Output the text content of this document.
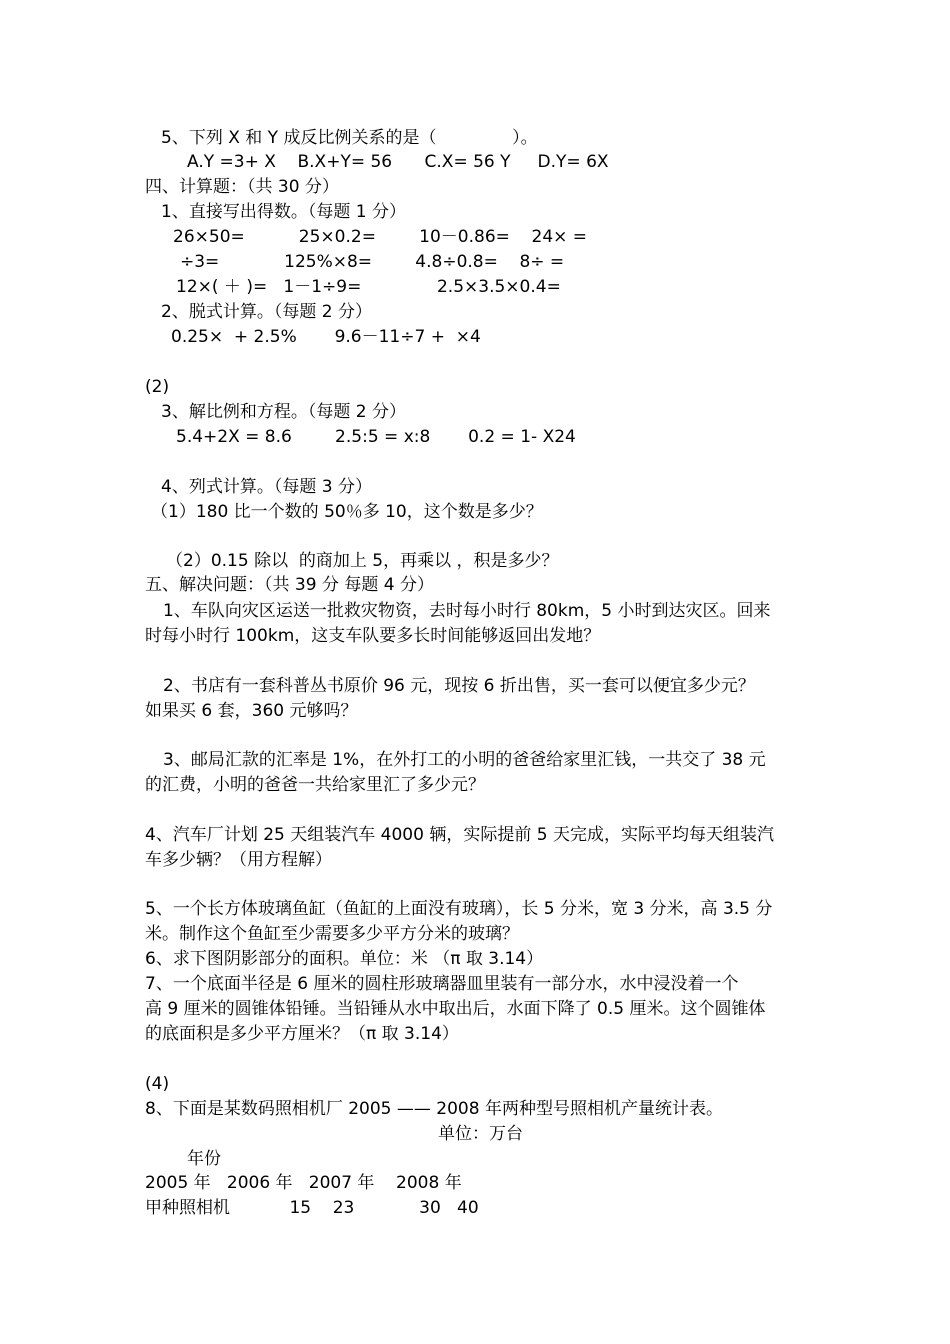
5、下列 X 和 Y 成反比例关系的是（              ）。
A.Y =3+ X    B.X+Y= 56      C.X= 56 Y     D.Y= 6X
四、计算题：（共 30 分）
1、直接写出得数。（每题 1 分）
26×50=          25×0.2=        10－0.86=    24× =
÷3=            125%×8=        4.8÷0.8=    8÷ =
12×( ＋ )=   1－1÷9=              2.5×3.5×0.4=
2、脱式计算。（每题 2 分）
0.25×  + 2.5%       9.6－11÷7 +  ×4
(2)
3、解比例和方程。（每题 2 分）
5.4+2X = 8.6        2.5:5 = x:8       0.2 = 1- X24
4、列式计算。（每题 3 分）
（1）180 比一个数的 50％多 10，这个数是多少？
（2）0.15 除以  的商加上 5，再乘以 ，积是多少？
五、解决问题：（共 39 分 每题 4 分）
1、车队向灾区运送一批救灾物资，去时每小时行 80km，5 小时到达灾区。回来
时每小时行 100km，这支车队要多长时间能够返回出发地？
2、书店有一套科普丛书原价 96 元，现按 6 折出售，买一套可以便宜多少元？
如果买 6 套，360 元够吗？
3、邮局汇款的汇率是 1%，在外打工的小明的爸爸给家里汇钱，一共交了 38 元
的汇费，小明的爸爸一共给家里汇了多少元？
4、汽车厂计划 25 天组装汽车 4000 辆，实际提前 5 天完成，实际平均每天组装汽
车多少辆？（用方程解）
5、一个长方体玻璃鱼缸（鱼缸的上面没有玻璃），长 5 分米，宽 3 分米，高 3.5 分
米。制作这个鱼缸至少需要多少平方分米的玻璃？
6、求下图阴影部分的面积。单位：米 （π 取 3.14）
7、一个底面半径是 6 厘米的圆柱形玻璃器皿里装有一部分水，水中浸没着一个
高 9 厘米的圆锥体铅锤。当铅锤从水中取出后，水面下降了 0.5 厘米。这个圆锥体
的底面积是多少平方厘米？（π 取 3.14）
(4)
8、下面是某数码照相机厂 2005 —— 2008 年两种型号照相机产量统计表。
单位：万台
年份
2005 年   2006 年   2007 年    2008 年
甲种照相机           15    23            30   40
